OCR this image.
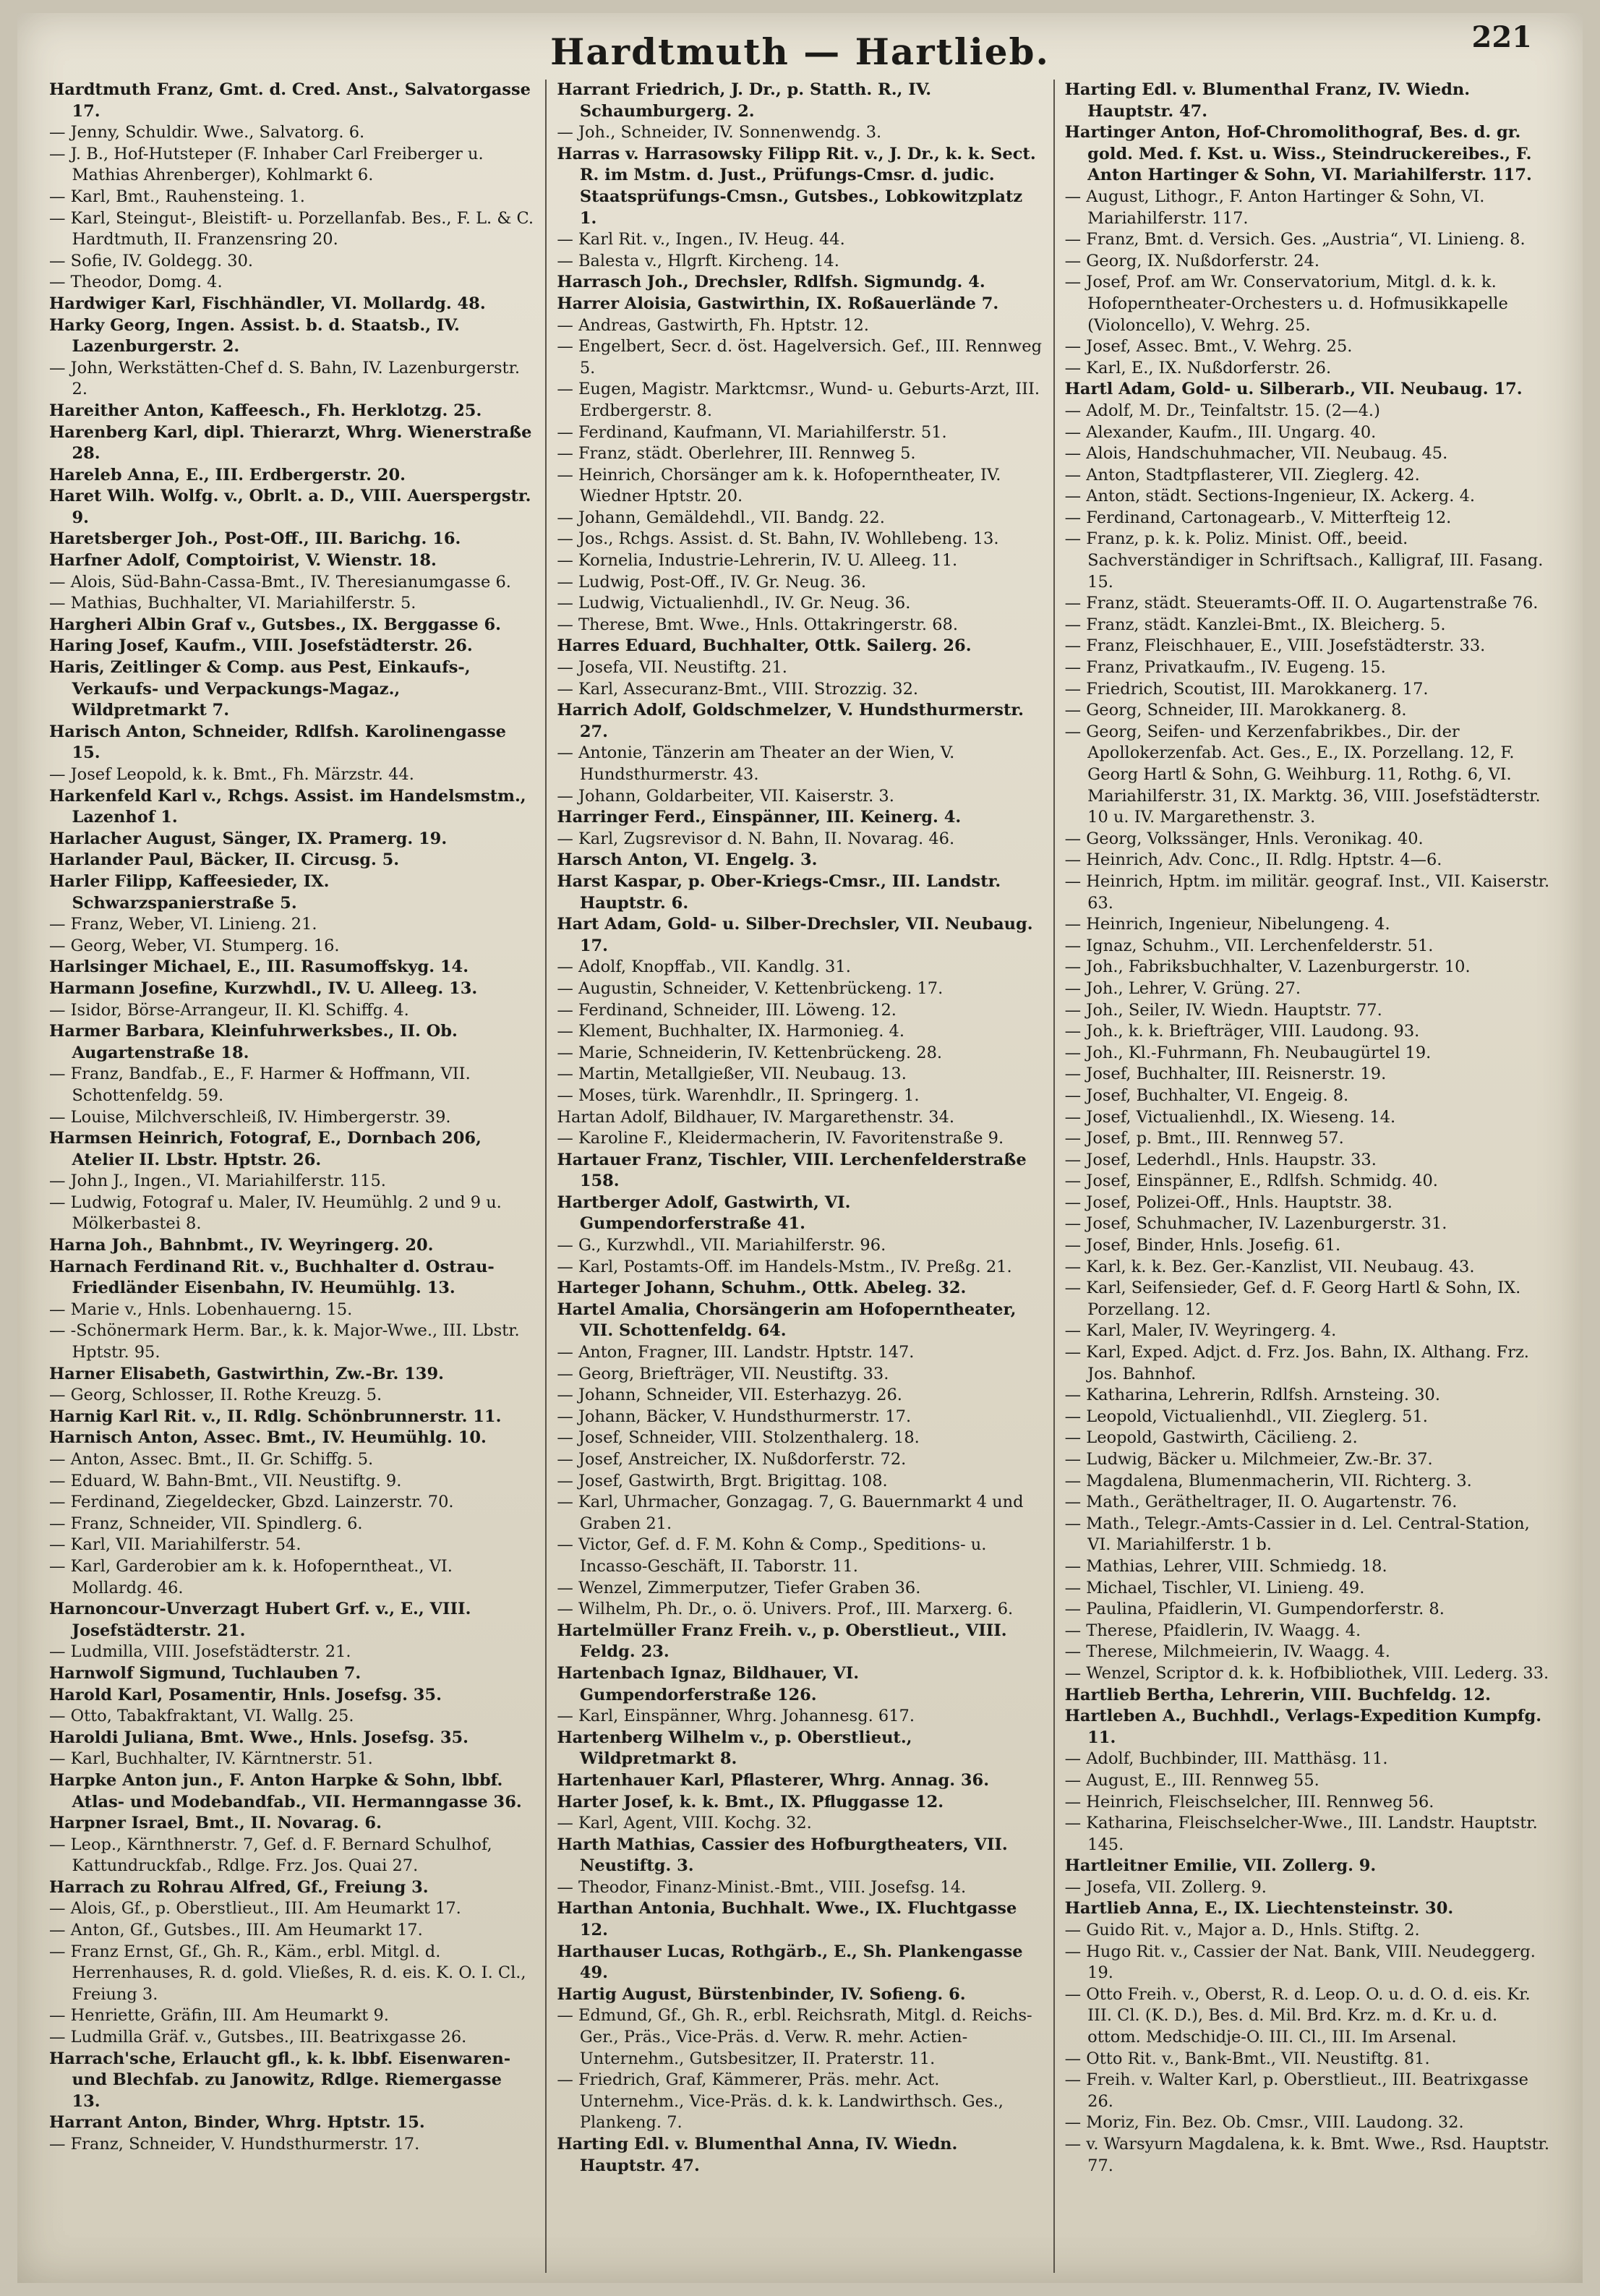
Hardtmuth — Hartlieb.	221
Hardtmuth Franz, Gmt. d. Cred. Anst., Salvatorgasse 17.
— Jenny, Schuldir. Wwe., Salvatorg. 6.
— J. B., Hof-Hutsteper (F. Inhaber Carl Freiberger u. Mathias Ahrenberger), Kohlmarkt 6.
— Karl, Bmt., Rauhensteing. 1.
— Karl, Steingut-, Bleistift- u. Porzellanfab. Bes., F. L. & C. Hardtmuth, II. Franzensring 20.
— Sofie, IV. Goldegg. 30.
— Theodor, Domg. 4.
Hardwiger Karl, Fischhändler, VI. Mollardg. 48.
Harky Georg, Ingen. Assist. b. d. Staatsb., IV. Lazenburgerstr. 2.
— John, Werkstätten-Chef d. S. Bahn, IV. Lazenburgerstr. 2.
Hareither Anton, Kaffeesch., Fh. Herklotzg. 25.
Harenberg Karl, dipl. Thierarzt, Whrg. Wienerstraße 28.
Hareleb Anna, E., III. Erdbergerstr. 20.
Haret Wilh. Wolfg. v., Obrlt. a. D., VIII. Auerspergstr. 9.
Haretsberger Joh., Post-Off., III. Barichg. 16.
Harfner Adolf, Comptoirist, V. Wienstr. 18.
— Alois, Süd-Bahn-Cassa-Bmt., IV. Theresianumgasse 6.
— Mathias, Buchhalter, VI. Mariahilferstr. 5.
Hargheri Albin Graf v., Gutsbes., IX. Berggasse 6.
Haring Josef, Kaufm., VIII. Josefstädterstr. 26.
Haris, Zeitlinger & Comp. aus Pest, Einkaufs-, Verkaufs- und Verpackungs-Magaz., Wildpretmarkt 7.
Harisch Anton, Schneider, Rdlfsh. Karolinengasse 15.
— Josef Leopold, k. k. Bmt., Fh. Märzstr. 44.
Harkenfeld Karl v., Rchgs. Assist. im Handelsmstm., Lazenhof 1.
Harlacher August, Sänger, IX. Pramerg. 19.
Harlander Paul, Bäcker, II. Circusg. 5.
Harler Filipp, Kaffeesieder, IX. Schwarzspanierstraße 5.
— Franz, Weber, VI. Linieng. 21.
— Georg, Weber, VI. Stumperg. 16.
Harlsinger Michael, E., III. Rasumoffskyg. 14.
Harmann Josefine, Kurzwhdl., IV. U. Alleeg. 13.
— Isidor, Börse-Arrangeur, II. Kl. Schiffg. 4.
Harmer Barbara, Kleinfuhrwerksbes., II. Ob. Augartenstraße 18.
— Franz, Bandfab., E., F. Harmer & Hoffmann, VII. Schottenfeldg. 59.
— Louise, Milchverschleiß, IV. Himbergerstr. 39.
Harmsen Heinrich, Fotograf, E., Dornbach 206, Atelier II. Lbstr. Hptstr. 26.
— John J., Ingen., VI. Mariahilferstr. 115.
— Ludwig, Fotograf u. Maler, IV. Heumühlg. 2 und 9 u. Mölkerbastei 8.
Harna Joh., Bahnbmt., IV. Weyringerg. 20.
Harnach Ferdinand Rit. v., Buchhalter d. Ostrau-Friedländer Eisenbahn, IV. Heumühlg. 13.
— Marie v., Hnls. Lobenhauerng. 15.
— -Schönermark Herm. Bar., k. k. Major-Wwe., III. Lbstr. Hptstr. 95.
Harner Elisabeth, Gastwirthin, Zw.-Br. 139.
— Georg, Schlosser, II. Rothe Kreuzg. 5.
Harnig Karl Rit. v., II. Rdlg. Schönbrunnerstr. 11.
Harnisch Anton, Assec. Bmt., IV. Heumühlg. 10.
— Anton, Assec. Bmt., II. Gr. Schiffg. 5.
— Eduard, W. Bahn-Bmt., VII. Neustiftg. 9.
— Ferdinand, Ziegeldecker, Gbzd. Lainzerstr. 70.
— Franz, Schneider, VII. Spindlerg. 6.
— Karl, VII. Mariahilferstr. 54.
— Karl, Garderobier am k. k. Hofoperntheat., VI. Mollardg. 46.
Harnoncour-Unverzagt Hubert Grf. v., E., VIII. Josefstädterstr. 21.
— Ludmilla, VIII. Josefstädterstr. 21.
Harnwolf Sigmund, Tuchlauben 7.
Harold Karl, Posamentir, Hnls. Josefsg. 35.
— Otto, Tabakfraktant, VI. Wallg. 25.
Haroldi Juliana, Bmt. Wwe., Hnls. Josefsg. 35.
— Karl, Buchhalter, IV. Kärntnerstr. 51.
Harpke Anton jun., F. Anton Harpke & Sohn, lbbf. Atlas- und Modebandfab., VII. Hermanngasse 36.
Harpner Israel, Bmt., II. Novarag. 6.
— Leop., Kärnthnerstr. 7, Gef. d. F. Bernard Schulhof, Kattundruckfab., Rdlge. Frz. Jos. Quai 27.
Harrach zu Rohrau Alfred, Gf., Freiung 3.
— Alois, Gf., p. Oberstlieut., III. Am Heumarkt 17.
— Anton, Gf., Gutsbes., III. Am Heumarkt 17.
— Franz Ernst, Gf., Gh. R., Käm., erbl. Mitgl. d. Herrenhauses, R. d. gold. Vließes, R. d. eis. K. O. I. Cl., Freiung 3.
— Henriette, Gräfin, III. Am Heumarkt 9.
— Ludmilla Gräf. v., Gutsbes., III. Beatrixgasse 26.
Harrach'sche, Erlaucht gfl., k. k. lbbf. Eisenwaren- und Blechfab. zu Janowitz, Rdlge. Riemergasse 13.
Harrant Anton, Binder, Whrg. Hptstr. 15.
— Franz, Schneider, V. Hundsthurmerstr. 17.
Harrant Friedrich, J. Dr., p. Statth. R., IV. Schaumburgerg. 2.
— Joh., Schneider, IV. Sonnenwendg. 3.
Harras v. Harrasowsky Filipp Rit. v., J. Dr., k. k. Sect. R. im Mstm. d. Just., Prüfungs-Cmsr. d. judic. Staatsprüfungs-Cmsn., Gutsbes., Lobkowitzplatz 1.
— Karl Rit. v., Ingen., IV. Heug. 44.
— Balesta v., Hlgrft. Kircheng. 14.
Harrasch Joh., Drechsler, Rdlfsh. Sigmundg. 4.
Harrer Aloisia, Gastwirthin, IX. Roßauerlände 7.
— Andreas, Gastwirth, Fh. Hptstr. 12.
— Engelbert, Secr. d. öst. Hagelversich. Gef., III. Rennweg 5.
— Eugen, Magistr. Marktcmsr., Wund- u. Geburts-Arzt, III. Erdbergerstr. 8.
— Ferdinand, Kaufmann, VI. Mariahilferstr. 51.
— Franz, städt. Oberlehrer, III. Rennweg 5.
— Heinrich, Chorsänger am k. k. Hofoperntheater, IV. Wiedner Hptstr. 20.
— Johann, Gemäldehdl., VII. Bandg. 22.
— Jos., Rchgs. Assist. d. St. Bahn, IV. Wohllebeng. 13.
— Kornelia, Industrie-Lehrerin, IV. U. Alleeg. 11.
— Ludwig, Post-Off., IV. Gr. Neug. 36.
— Ludwig, Victualienhdl., IV. Gr. Neug. 36.
— Therese, Bmt. Wwe., Hnls. Ottakringerstr. 68.
Harres Eduard, Buchhalter, Ottk. Sailerg. 26.
— Josefa, VII. Neustiftg. 21.
— Karl, Assecuranz-Bmt., VIII. Strozzig. 32.
Harrich Adolf, Goldschmelzer, V. Hundsthurmerstr. 27.
— Antonie, Tänzerin am Theater an der Wien, V. Hundsthurmerstr. 43.
— Johann, Goldarbeiter, VII. Kaiserstr. 3.
Harringer Ferd., Einspänner, III. Keinerg. 4.
— Karl, Zugsrevisor d. N. Bahn, II. Novarag. 46.
Harsch Anton, VI. Engelg. 3.
Harst Kaspar, p. Ober-Kriegs-Cmsr., III. Landstr. Hauptstr. 6.
Hart Adam, Gold- u. Silber-Drechsler, VII. Neubaug. 17.
— Adolf, Knopffab., VII. Kandlg. 31.
— Augustin, Schneider, V. Kettenbrückeng. 17.
— Ferdinand, Schneider, III. Löweng. 12.
— Klement, Buchhalter, IX. Harmonieg. 4.
— Marie, Schneiderin, IV. Kettenbrückeng. 28.
— Martin, Metallgießer, VII. Neubaug. 13.
— Moses, türk. Warenhdlr., II. Springerg. 1.
Hartan Adolf, Bildhauer, IV. Margarethenstr. 34.
— Karoline F., Kleidermacherin, IV. Favoritenstraße 9.
Hartauer Franz, Tischler, VIII. Lerchenfelderstraße 158.
Hartberger Adolf, Gastwirth, VI. Gumpendorferstraße 41.
— G., Kurzwhdl., VII. Mariahilferstr. 96.
— Karl, Postamts-Off. im Handels-Mstm., IV. Preßg. 21.
Harteger Johann, Schuhm., Ottk. Abeleg. 32.
Hartel Amalia, Chorsängerin am Hofoperntheater, VII. Schottenfeldg. 64.
— Anton, Fragner, III. Landstr. Hptstr. 147.
— Georg, Briefträger, VII. Neustiftg. 33.
— Johann, Schneider, VII. Esterhazyg. 26.
— Johann, Bäcker, V. Hundsthurmerstr. 17.
— Josef, Schneider, VIII. Stolzenthalerg. 18.
— Josef, Anstreicher, IX. Nußdorferstr. 72.
— Josef, Gastwirth, Brgt. Brigittag. 108.
— Karl, Uhrmacher, Gonzagag. 7, G. Bauernmarkt 4 und Graben 21.
— Victor, Gef. d. F. M. Kohn & Comp., Speditions- u. Incasso-Geschäft, II. Taborstr. 11.
— Wenzel, Zimmerputzer, Tiefer Graben 36.
— Wilhelm, Ph. Dr., o. ö. Univers. Prof., III. Marxerg. 6.
Hartelmüller Franz Freih. v., p. Oberstlieut., VIII. Feldg. 23.
Hartenbach Ignaz, Bildhauer, VI. Gumpendorferstraße 126.
— Karl, Einspänner, Whrg. Johannesg. 617.
Hartenberg Wilhelm v., p. Oberstlieut., Wildpretmarkt 8.
Hartenhauer Karl, Pflasterer, Whrg. Annag. 36.
Harter Josef, k. k. Bmt., IX. Pfluggasse 12.
— Karl, Agent, VIII. Kochg. 32.
Harth Mathias, Cassier des Hofburgtheaters, VII. Neustiftg. 3.
— Theodor, Finanz-Minist.-Bmt., VIII. Josefsg. 14.
Harthan Antonia, Buchhalt. Wwe., IX. Fluchtgasse 12.
Harthauser Lucas, Rothgärb., E., Sh. Plankengasse 49.
Hartig August, Bürstenbinder, IV. Sofieng. 6.
— Edmund, Gf., Gh. R., erbl. Reichsrath, Mitgl. d. Reichs-Ger., Präs., Vice-Präs. d. Verw. R. mehr. Actien-Unternehm., Gutsbesitzer, II. Praterstr. 11.
— Friedrich, Graf, Kämmerer, Präs. mehr. Act. Unternehm., Vice-Präs. d. k. k. Landwirthsch. Ges., Plankeng. 7.
Harting Edl. v. Blumenthal Anna, IV. Wiedn. Hauptstr. 47.
Harting Edl. v. Blumenthal Franz, IV. Wiedn. Hauptstr. 47.
Hartinger Anton, Hof-Chromolithograf, Bes. d. gr. gold. Med. f. Kst. u. Wiss., Steindruckereibes., F. Anton Hartinger & Sohn, VI. Mariahilferstr. 117.
— August, Lithogr., F. Anton Hartinger & Sohn, VI. Mariahilferstr. 117.
— Franz, Bmt. d. Versich. Ges. „Austria“, VI. Linieng. 8.
— Georg, IX. Nußdorferstr. 24.
— Josef, Prof. am Wr. Conservatorium, Mitgl. d. k. k. Hofoperntheater-Orchesters u. d. Hofmusikkapelle (Violoncello), V. Wehrg. 25.
— Josef, Assec. Bmt., V. Wehrg. 25.
— Karl, E., IX. Nußdorferstr. 26.
Hartl Adam, Gold- u. Silberarb., VII. Neubaug. 17.
— Adolf, M. Dr., Teinfaltstr. 15. (2—4.)
— Alexander, Kaufm., III. Ungarg. 40.
— Alois, Handschuhmacher, VII. Neubaug. 45.
— Anton, Stadtpflasterer, VII. Zieglerg. 42.
— Anton, städt. Sections-Ingenieur, IX. Ackerg. 4.
— Ferdinand, Cartonagearb., V. Mitterfteig 12.
— Franz, p. k. k. Poliz. Minist. Off., beeid. Sachverständiger in Schriftsach., Kalligraf, III. Fasang. 15.
— Franz, städt. Steueramts-Off. II. O. Augartenstraße 76.
— Franz, städt. Kanzlei-Bmt., IX. Bleicherg. 5.
— Franz, Fleischhauer, E., VIII. Josefstädterstr. 33.
— Franz, Privatkaufm., IV. Eugeng. 15.
— Friedrich, Scoutist, III. Marokkanerg. 17.
— Georg, Schneider, III. Marokkanerg. 8.
— Georg, Seifen- und Kerzenfabrikbes., Dir. der Apollokerzenfab. Act. Ges., E., IX. Porzellang. 12, F. Georg Hartl & Sohn, G. Weihburg. 11, Rothg. 6, VI. Mariahilferstr. 31, IX. Marktg. 36, VIII. Josefstädterstr. 10 u. IV. Margarethenstr. 3.
— Georg, Volkssänger, Hnls. Veronikag. 40.
— Heinrich, Adv. Conc., II. Rdlg. Hptstr. 4—6.
— Heinrich, Hptm. im militär. geograf. Inst., VII. Kaiserstr. 63.
— Heinrich, Ingenieur, Nibelungeng. 4.
— Ignaz, Schuhm., VII. Lerchenfelderstr. 51.
— Joh., Fabriksbuchhalter, V. Lazenburgerstr. 10.
— Joh., Lehrer, V. Grüng. 27.
— Joh., Seiler, IV. Wiedn. Hauptstr. 77.
— Joh., k. k. Briefträger, VIII. Laudong. 93.
— Joh., Kl.-Fuhrmann, Fh. Neubaugürtel 19.
— Josef, Buchhalter, III. Reisnerstr. 19.
— Josef, Buchhalter, VI. Engeig. 8.
— Josef, Victualienhdl., IX. Wieseng. 14.
— Josef, p. Bmt., III. Rennweg 57.
— Josef, Lederhdl., Hnls. Haupstr. 33.
— Josef, Einspänner, E., Rdlfsh. Schmidg. 40.
— Josef, Polizei-Off., Hnls. Hauptstr. 38.
— Josef, Schuhmacher, IV. Lazenburgerstr. 31.
— Josef, Binder, Hnls. Josefig. 61.
— Karl, k. k. Bez. Ger.-Kanzlist, VII. Neubaug. 43.
— Karl, Seifensieder, Gef. d. F. Georg Hartl & Sohn, IX. Porzellang. 12.
— Karl, Maler, IV. Weyringerg. 4.
— Karl, Exped. Adjct. d. Frz. Jos. Bahn, IX. Althang. Frz. Jos. Bahnhof.
— Katharina, Lehrerin, Rdlfsh. Arnsteing. 30.
— Leopold, Victualienhdl., VII. Zieglerg. 51.
— Leopold, Gastwirth, Cäcilieng. 2.
— Ludwig, Bäcker u. Milchmeier, Zw.-Br. 37.
— Magdalena, Blumenmacherin, VII. Richterg. 3.
— Math., Gerätheltrager, II. O. Augartenstr. 76.
— Math., Telegr.-Amts-Cassier in d. Lel. Central-Station, VI. Mariahilferstr. 1 b.
— Mathias, Lehrer, VIII. Schmiedg. 18.
— Michael, Tischler, VI. Linieng. 49.
— Paulina, Pfaidlerin, VI. Gumpendorferstr. 8.
— Therese, Pfaidlerin, IV. Waagg. 4.
— Therese, Milchmeierin, IV. Waagg. 4.
— Wenzel, Scriptor d. k. k. Hofbibliothek, VIII. Lederg. 33.
Hartlieb Bertha, Lehrerin, VIII. Buchfeldg. 12.
Hartleben A., Buchhdl., Verlags-Expedition Kumpfg. 11.
— Adolf, Buchbinder, III. Matthäsg. 11.
— August, E., III. Rennweg 55.
— Heinrich, Fleischselcher, III. Rennweg 56.
— Katharina, Fleischselcher-Wwe., III. Landstr. Hauptstr. 145.
Hartleitner Emilie, VII. Zollerg. 9.
— Josefa, VII. Zollerg. 9.
Hartlieb Anna, E., IX. Liechtensteinstr. 30.
— Guido Rit. v., Major a. D., Hnls. Stiftg. 2.
— Hugo Rit. v., Cassier der Nat. Bank, VIII. Neudeggerg. 19.
— Otto Freih. v., Oberst, R. d. Leop. O. u. d. O. d. eis. Kr. III. Cl. (K. D.), Bes. d. Mil. Brd. Krz. m. d. Kr. u. d. ottom. Medschidje-O. III. Cl., III. Im Arsenal.
— Otto Rit. v., Bank-Bmt., VII. Neustiftg. 81.
— Freih. v. Walter Karl, p. Oberstlieut., III. Beatrixgasse 26.
— Moriz, Fin. Bez. Ob. Cmsr., VIII. Laudong. 32.
— v. Warsyurn Magdalena, k. k. Bmt. Wwe., Rsd. Hauptstr. 77.
